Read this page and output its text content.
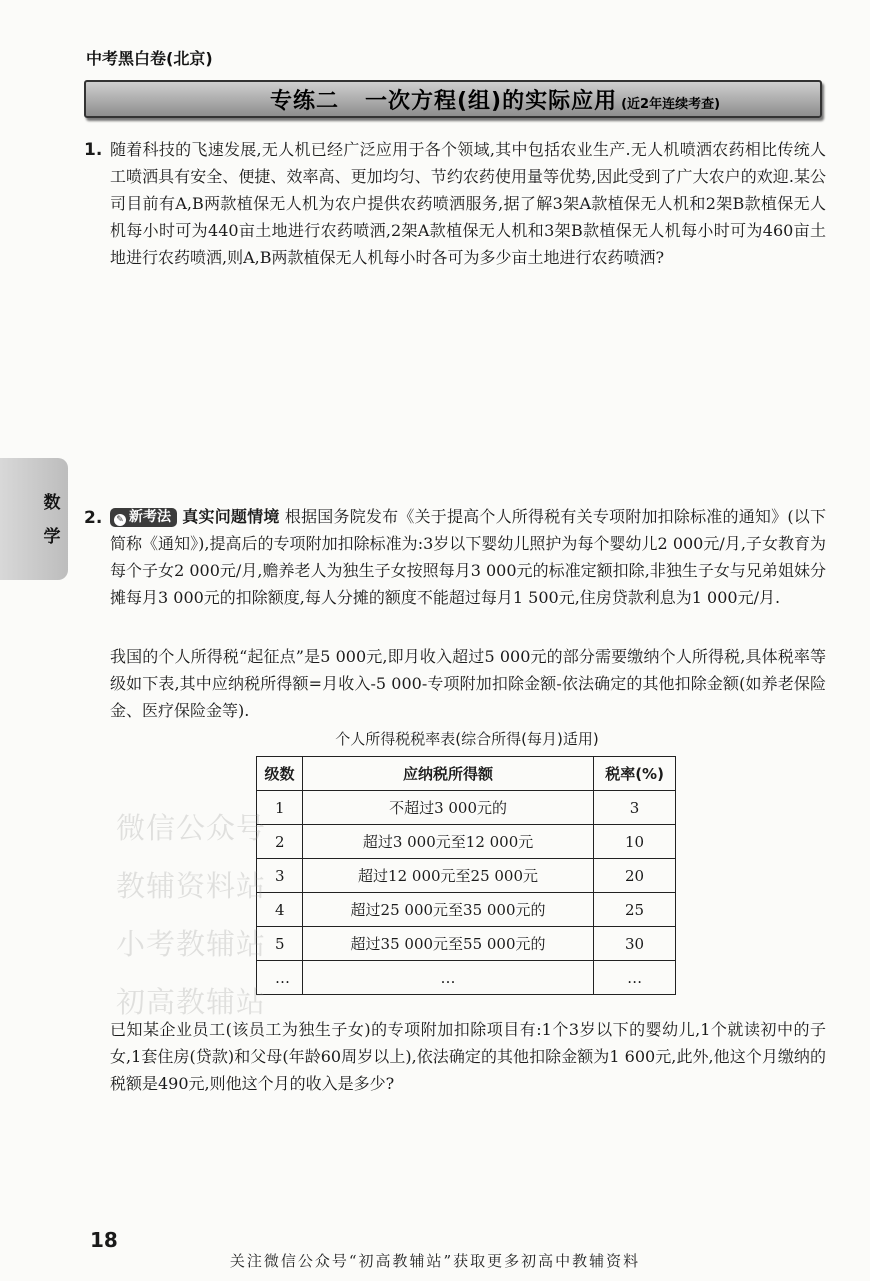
中考黑白卷(北京)
专练二   一次方程(组)的实际应用 (近2年连续考查)
1. 随着科技的飞速发展,无人机已经广泛应用于各个领域,其中包括农业生产.无人机喷洒农药相比传统人工喷洒具有安全、便捷、效率高、更加均匀、节约农药使用量等优势,因此受到了广大农户的欢迎.某公司目前有A,B两款植保无人机为农户提供农药喷洒服务,据了解3架A款植保无人机和2架B款植保无人机每小时可为440亩土地进行农药喷洒,2架A款植保无人机和3架B款植保无人机每小时可为460亩土地进行农药喷洒,则A,B两款植保无人机每小时各可为多少亩土地进行农药喷洒?

数
学
2.	✎ 新考法 真实问题情境 根据国务院发布《关于提高个人所得税有关专项附加扣除标准的通知》(以下简称《通知》),提高后的专项附加扣除标准为:3岁以下婴幼儿照护为每个婴幼儿2 000元/月,子女教育为每个子女2 000元/月,赡养老人为独生子女按照每月3 000元的标准定额扣除,非独生子女与兄弟姐妹分摊每月3 000元的扣除额度,每人分摊的额度不能超过每月1 500元,住房贷款利息为1 000元/月.

我国的个人所得税“起征点”是5 000元,即月收入超过5 000元的部分需要缴纳个人所得税,具体税率等级如下表,其中应纳税所得额=月收入-5 000-专项附加扣除金额-依法确定的其他扣除金额(如养老保险金、医疗保险金等).

个人所得税税率表(综合所得(每月)适用)
级数	应纳税所得额	税率(%)
1	不超过3 000元的	3
2	超过3 000元至12 000元	10
3	超过12 000元至25 000元	20
4	超过25 000元至35 000元的	25
5	超过35 000元至55 000元的	30
…	…	…
微信公众号
教辅资料站
小考教辅站
初高教辅站

已知某企业员工(该员工为独生子女)的专项附加扣除项目有:1个3岁以下的婴幼儿,1个就读初中的子女,1套住房(贷款)和父母(年龄60周岁以上),依法确定的其他扣除金额为1 600元,此外,他这个月缴纳的税额是490元,则他这个月的收入是多少?

18
关注微信公众号“初高教辅站”获取更多初高中教辅资料
